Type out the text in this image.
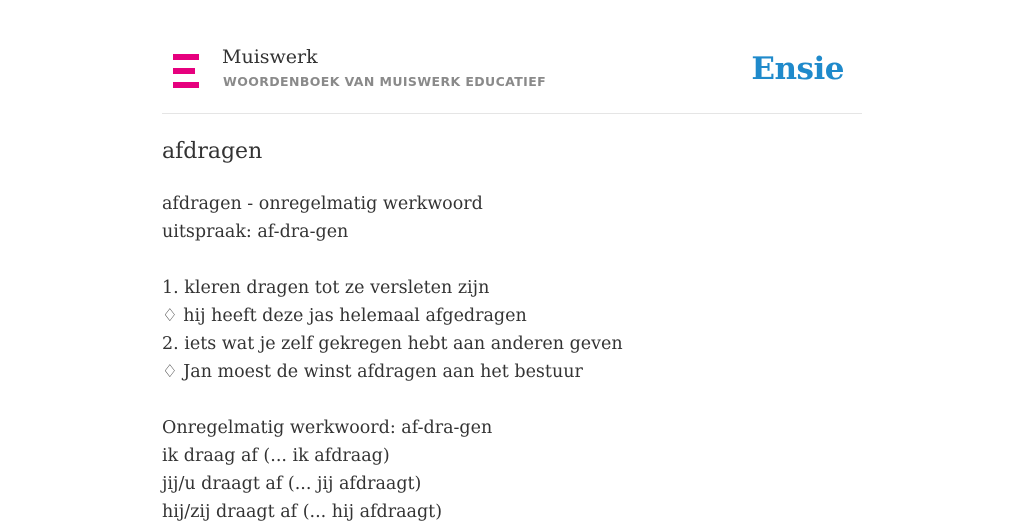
Muiswerk
WOORDENBOEK VAN MUISWERK EDUCATIEF	Ensie
afdragen
afdragen - onregelmatig werkwoord
uitspraak: af-dra-gen
1. kleren dragen tot ze versleten zijn
♢ hij heeft deze jas helemaal afgedragen
2. iets wat je zelf gekregen hebt aan anderen geven
♢ Jan moest de winst afdragen aan het bestuur
Onregelmatig werkwoord: af-dra-gen
ik draag af (... ik afdraag)
jij/u draagt af (... jij afdraagt)
hij/zij draagt af (... hij afdraagt)
